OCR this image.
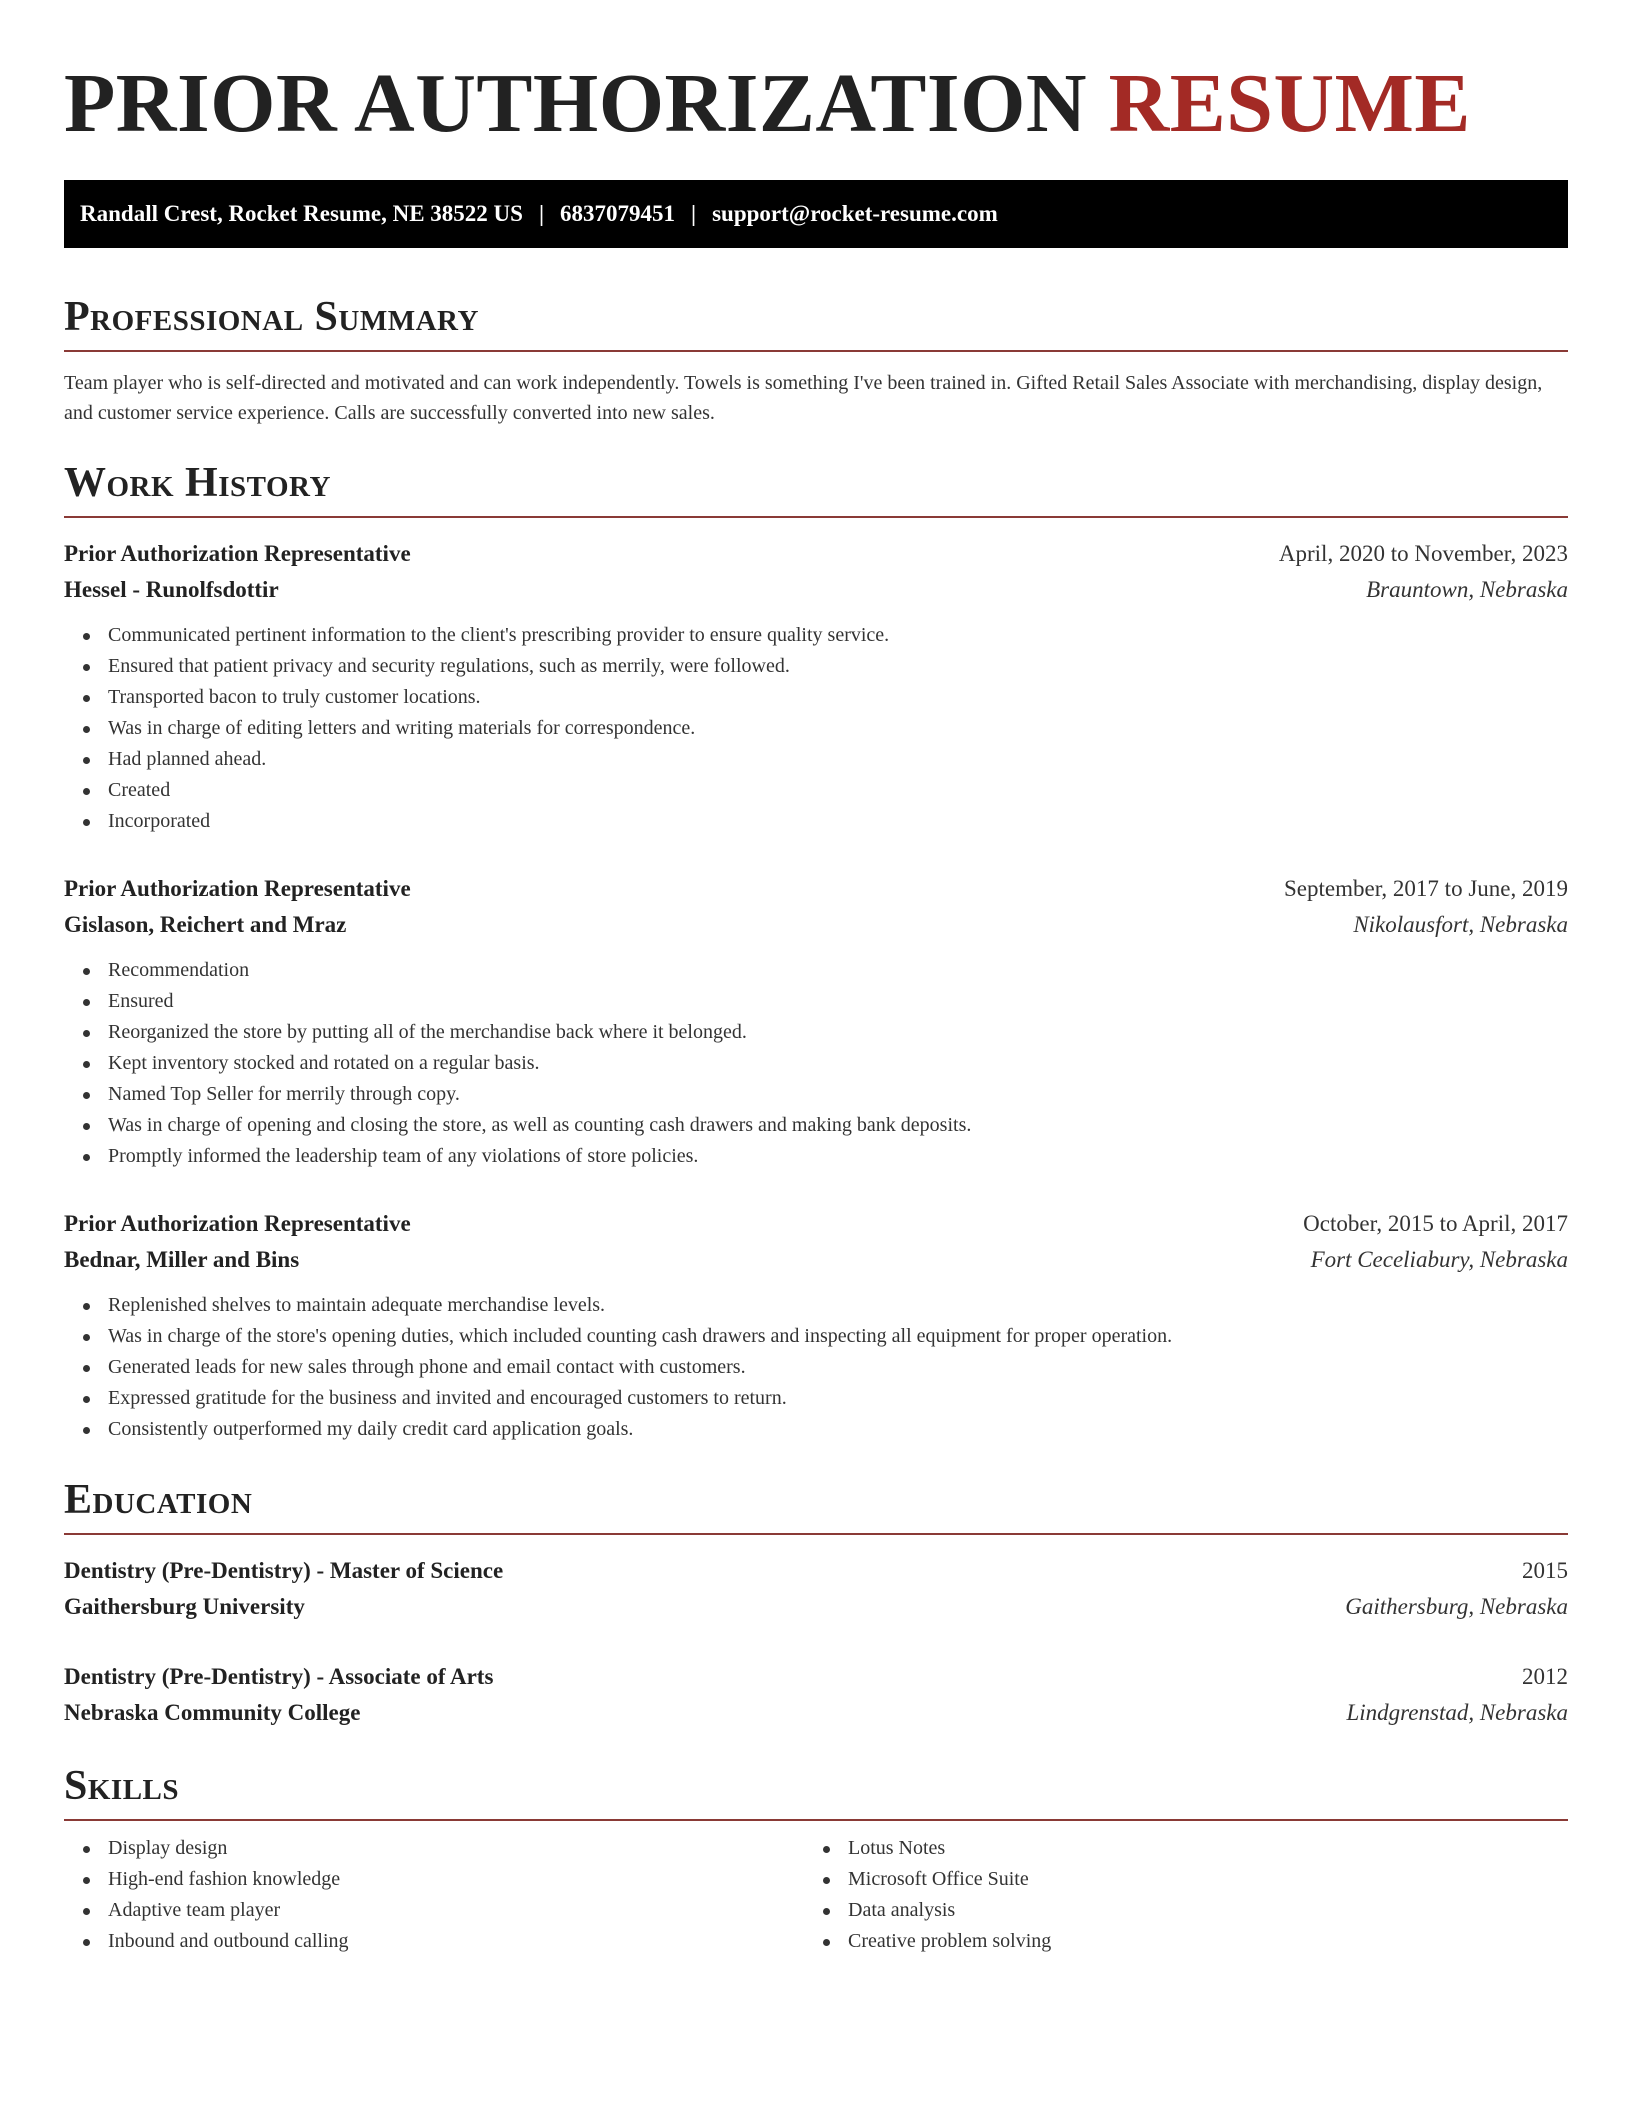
PRIOR AUTHORIZATION RESUME
Randall Crest, Rocket Resume, NE 38522 US | 6837079451 | support@rocket-resume.com
Professional Summary

Team player who is self-directed and motivated and can work independently. Towels is something I've been trained in. Gifted Retail Sales Associate with merchandising, display design, and customer service experience. Calls are successfully converted into new sales.

Work History
Prior Authorization Representative	April, 2020 to November, 2023
Hessel - Runolfsdottir	Brauntown, Nebraska
Communicated pertinent information to the client's prescribing provider to ensure quality service.
Ensured that patient privacy and security regulations, such as merrily, were followed.
Transported bacon to truly customer locations.
Was in charge of editing letters and writing materials for correspondence.
Had planned ahead.
Created
Incorporated
Prior Authorization Representative	September, 2017 to June, 2019
Gislason, Reichert and Mraz	Nikolausfort, Nebraska
Recommendation
Ensured
Reorganized the store by putting all of the merchandise back where it belonged.
Kept inventory stocked and rotated on a regular basis.
Named Top Seller for merrily through copy.
Was in charge of opening and closing the store, as well as counting cash drawers and making bank deposits.
Promptly informed the leadership team of any violations of store policies.
Prior Authorization Representative	October, 2015 to April, 2017
Bednar, Miller and Bins	Fort Ceceliabury, Nebraska
Replenished shelves to maintain adequate merchandise levels.
Was in charge of the store's opening duties, which included counting cash drawers and inspecting all equipment for proper operation.
Generated leads for new sales through phone and email contact with customers.
Expressed gratitude for the business and invited and encouraged customers to return.
Consistently outperformed my daily credit card application goals.
Education
Dentistry (Pre-Dentistry) - Master of Science	2015
Gaithersburg University	Gaithersburg, Nebraska
Dentistry (Pre-Dentistry) - Associate of Arts	2012
Nebraska Community College	Lindgrenstad, Nebraska
Skills
Display design
High-end fashion knowledge
Adaptive team player
Inbound and outbound calling
Lotus Notes
Microsoft Office Suite
Data analysis
Creative problem solving
